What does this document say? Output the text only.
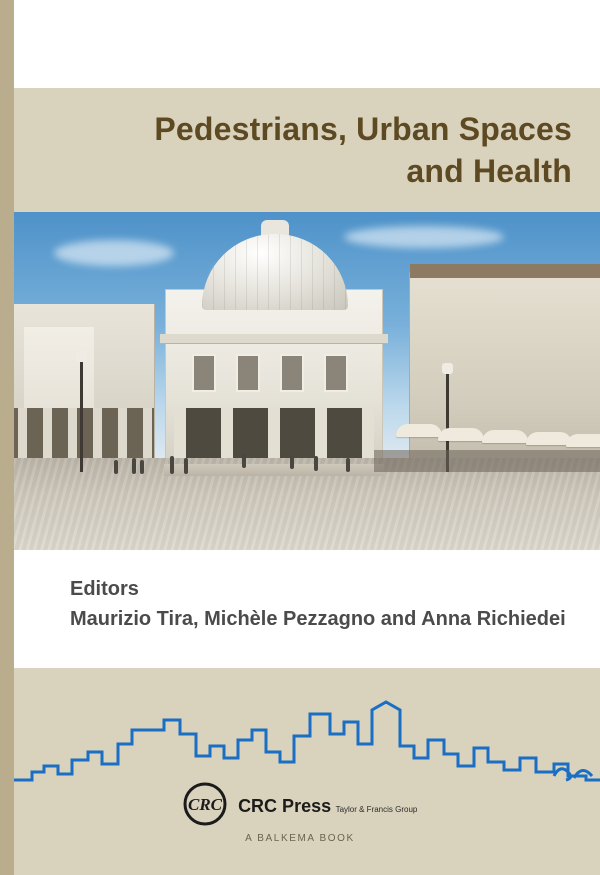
Pedestrians, Urban Spaces
and Health
Editors
Maurizio Tira, Michèle Pezzagno and Anna Richiedei
CRC CRC Press Taylor & Francis Group
A BALKEMA BOOK
